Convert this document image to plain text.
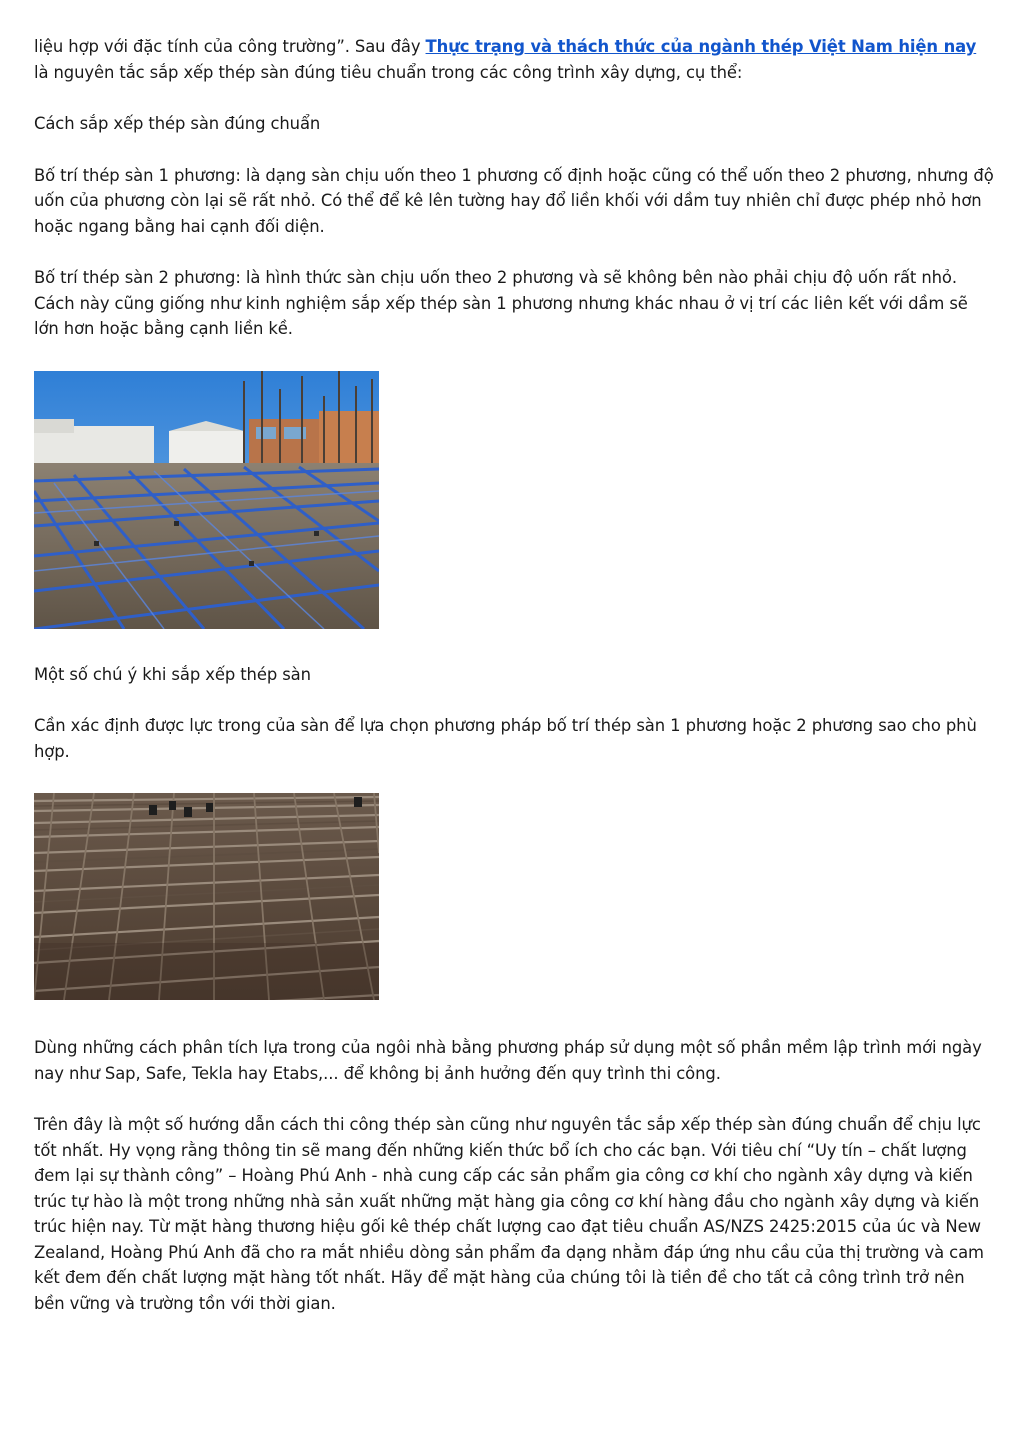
liệu hợp với đặc tính của công trường”. Sau đây Thực trạng và thách thức của ngành thép Việt Nam hiện nay
là nguyên tắc sắp xếp thép sàn đúng tiêu chuẩn trong các công trình xây dựng, cụ thể:

Cách sắp xếp thép sàn đúng chuẩn

Bố trí thép sàn 1 phương: là dạng sàn chịu uốn theo 1 phương cố định hoặc cũng có thể uốn theo 2 phương, nhưng độ uốn của phương còn lại sẽ rất nhỏ. Có thể để kê lên tường hay đổ liền khối với dầm tuy nhiên chỉ được phép nhỏ hơn hoặc ngang bằng hai cạnh đối diện.

Bố trí thép sàn 2 phương: là hình thức sàn chịu uốn theo 2 phương và sẽ không bên nào phải chịu độ uốn rất nhỏ. Cách này cũng giống như kinh nghiệm sắp xếp thép sàn 1 phương nhưng khác nhau ở vị trí các liên kết với dầm sẽ lớn hơn hoặc bằng cạnh liền kề.

Một số chú ý khi sắp xếp thép sàn

Cần xác định được lực trong của sàn để lựa chọn phương pháp bố trí thép sàn 1 phương hoặc 2 phương sao cho phù hợp.

Dùng những cách phân tích lựa trong của ngôi nhà bằng phương pháp sử dụng một số phần mềm lập trình mới ngày nay như Sap, Safe, Tekla hay Etabs,... để không bị ảnh hưởng đến quy trình thi công.

Trên đây là một số hướng dẫn cách thi công thép sàn cũng như nguyên tắc sắp xếp thép sàn đúng chuẩn để chịu lực tốt nhất. Hy vọng rằng thông tin sẽ mang đến những kiến thức bổ ích cho các bạn. Với tiêu chí “Uy tín – chất lượng đem lại sự thành công” – Hoàng Phú Anh - nhà cung cấp các sản phẩm gia công cơ khí cho ngành xây dựng và kiến trúc tự hào là một trong những nhà sản xuất những mặt hàng gia công cơ khí hàng đầu cho ngành xây dựng và kiến trúc hiện nay. Từ mặt hàng thương hiệu gối kê thép chất lượng cao đạt tiêu chuẩn AS/NZS 2425:2015 của úc và New Zealand, Hoàng Phú Anh đã cho ra mắt nhiều dòng sản phẩm đa dạng nhằm đáp ứng nhu cầu của thị trường và cam kết đem đến chất lượng mặt hàng tốt nhất. Hãy để mặt hàng của chúng tôi là tiền đề cho tất cả công trình trở nên bền vững và trường tồn với thời gian.
